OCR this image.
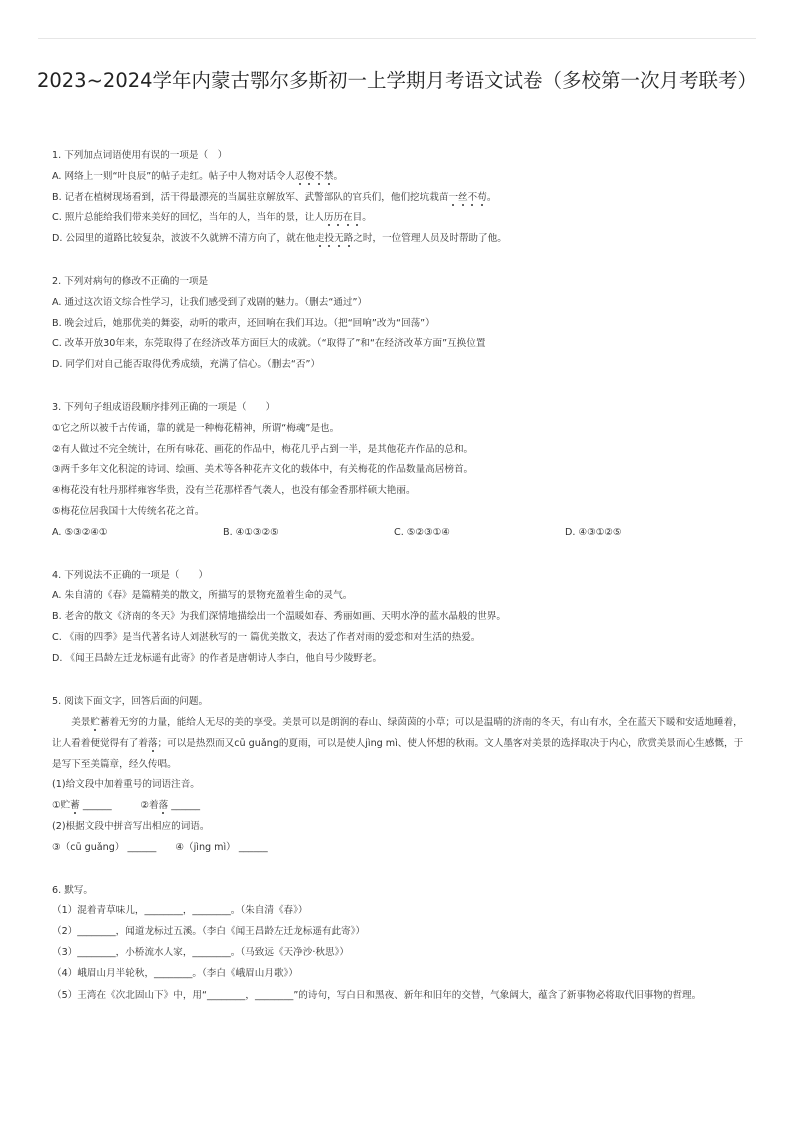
2023~2024学年内蒙古鄂尔多斯初一上学期月考语文试卷（多校第一次月考联考）
1. 下列加点词语使用有误的一项是（　）
A. 网络上一则“叶良辰”的帖子走红。帖子中人物对话令人忍俊不禁。
B. 记者在植树现场看到，活干得最漂亮的当属驻京解放军、武警部队的官兵们，他们挖坑栽苗一丝不苟。
C. 照片总能给我们带来美好的回忆，当年的人，当年的景，让人历历在目。
D. 公园里的道路比较复杂，波波不久就辨不清方向了，就在他走投无路之时，一位管理人员及时帮助了他。
2. 下列对病句的修改不正确的一项是
A. 通过这次语文综合性学习，让我们感受到了戏剧的魅力。（删去“通过”）
B. 晚会过后，她那优美的舞姿，动听的歌声，还回响在我们耳边。（把“回响”改为“回荡”）
C. 改革开放30年来，东莞取得了在经济改革方面巨大的成就。（“取得了”和“在经济改革方面”互换位置
D. 同学们对自己能否取得优秀成绩，充满了信心。（删去“否”）
3. 下列句子组成语段顺序排列正确的一项是（　　）
①它之所以被千古传诵，靠的就是一种梅花精神，所谓“梅魂”是也。
②有人做过不完全统计，在所有咏花、画花的作品中，梅花几乎占到一半，是其他花卉作品的总和。
③两千多年文化积淀的诗词、绘画、美术等各种花卉文化的载体中，有关梅花的作品数量高居榜首。
④梅花没有牡丹那样雍容华贵，没有兰花那样香气袭人，也没有郁金香那样硕大艳丽。
⑤梅花位居我国十大传统名花之首。
A. ⑤③②④①	B. ④①③②⑤	C. ⑤②③①④	D. ④③①②⑤
4. 下列说法不正确的一项是（　　）
A. 朱自清的《春》是篇精美的散文，所描写的景物充盈着生命的灵气。
B. 老舍的散文《济南的冬天》为我们深情地描绘出一个温暖如春、秀丽如画、天明水净的蓝水晶般的世界。
C. 《雨的四季》是当代著名诗人刘湛秋写的一 篇优美散文，表达了作者对雨的爱恋和对生活的热爱。
D. 《闻王昌龄左迁龙标遥有此寄》的作者是唐朝诗人李白，他自号少陵野老。
5. 阅读下面文字，回答后面的问题。
美景贮蓄着无穷的力量，能给人无尽的美的享受。美景可以是朗润的春山、绿茵茵的小草；可以是温晴的济南的冬天，有山有水，全在蓝天下暖和安适地睡着，让人看着便觉得有了着落；可以是热烈而又cū guǎng的夏雨，可以是使人jìng mì、使人怀想的秋雨。文人墨客对美景的选择取决于内心，欣赏美景而心生感慨，于是写下至美篇章，经久传唱。
(1)给文段中加着重号的词语注音。
①贮蓄 ______　　　②着落 ______
(2)根据文段中拼音写出相应的词语。
③（cū guǎng） ______　　④（jìng mì） ______
6. 默写。
（1）混着青草味儿，________，________。（朱自清《春》）
（2）________，闻道龙标过五溪。（李白《闻王昌龄左迁龙标遥有此寄》）
（3）________，小桥流水人家，________。（马致远《天净沙·秋思》）
（4）峨眉山月半轮秋，________。（李白《峨眉山月歌》）
（5）王湾在《次北固山下》中，用“________，________”的诗句，写白日和黑夜、新年和旧年的交替，气象阔大，蕴含了新事物必将取代旧事物的哲理。
